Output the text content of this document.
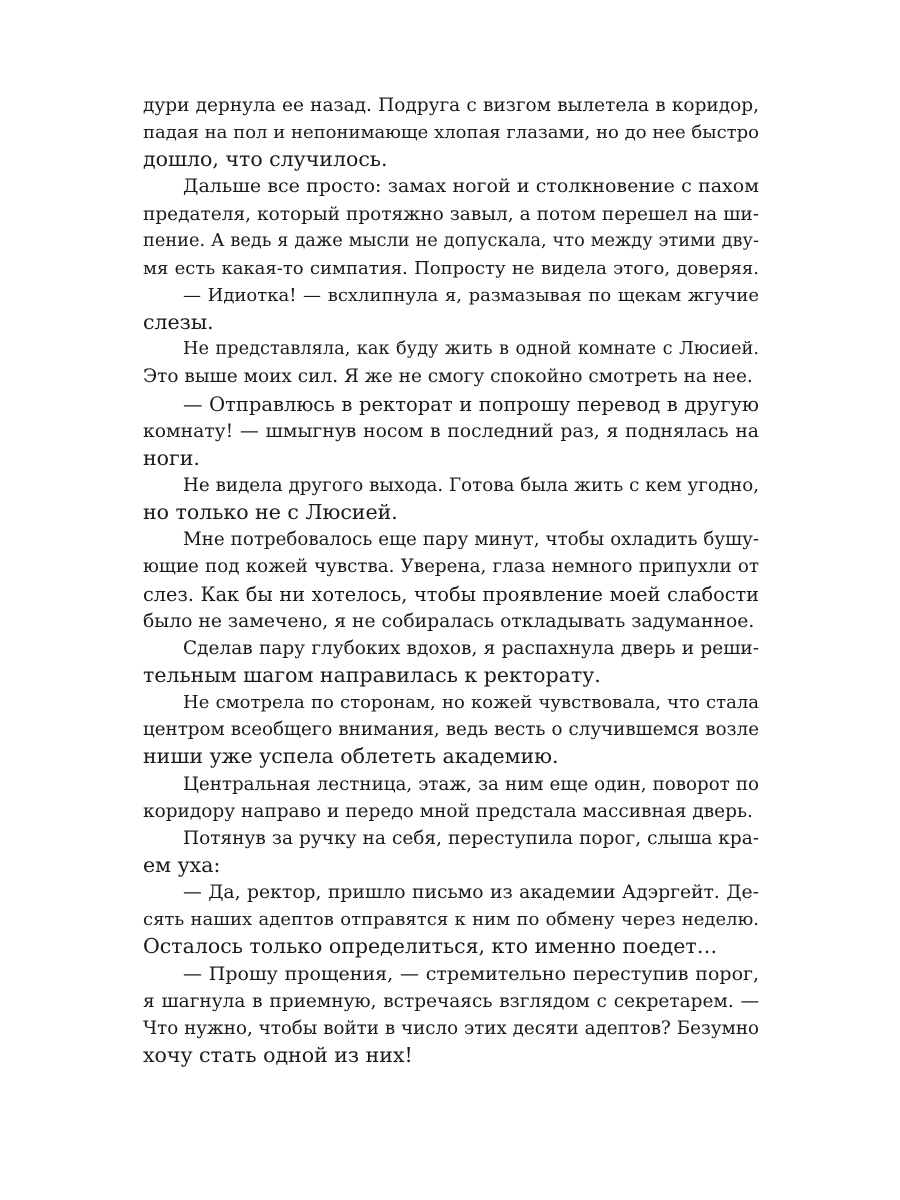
дури дернула ее назад. Подруга с визгом вылетела в коридор,
падая на пол и непонимающе хлопая глазами, но до нее быстро
дошло, что случилось.
Дальше все просто: замах ногой и столкновение с пахом
предателя, который протяжно завыл, а потом перешел на ши-
пение. А ведь я даже мысли не допускала, что между этими дву-
мя есть какая-то симпатия. Попросту не видела этого, доверяя.
— Идиотка! — всхлипнула я, размазывая по щекам жгучие
слезы.
Не представляла, как буду жить в одной комнате с Люсией.
Это выше моих сил. Я же не смогу спокойно смотреть на нее.
— Отправлюсь в ректорат и попрошу перевод в другую
комнату! — шмыгнув носом в последний раз, я поднялась на
ноги.
Не видела другого выхода. Готова была жить с кем угодно,
но только не с Люсией.
Мне потребовалось еще пару минут, чтобы охладить бушу-
ющие под кожей чувства. Уверена, глаза немного припухли от
слез. Как бы ни хотелось, чтобы проявление моей слабости
было не замечено, я не собиралась откладывать задуманное.
Сделав пару глубоких вдохов, я распахнула дверь и реши-
тельным шагом направилась к ректорату.
Не смотрела по сторонам, но кожей чувствовала, что стала
центром всеобщего внимания, ведь весть о случившемся возле
ниши уже успела облететь академию.
Центральная лестница, этаж, за ним еще один, поворот по
коридору направо и передо мной предстала массивная дверь.
Потянув за ручку на себя, переступила порог, слыша кра-
ем уха:
— Да, ректор, пришло письмо из академии Адэргейт. Де-
сять наших адептов отправятся к ним по обмену через неделю.
Осталось только определиться, кто именно поедет…
— Прошу прощения, — стремительно переступив порог,
я шагнула в приемную, встречаясь взглядом с секретарем. —
Что нужно, чтобы войти в число этих десяти адептов? Безумно
хочу стать одной из них!
